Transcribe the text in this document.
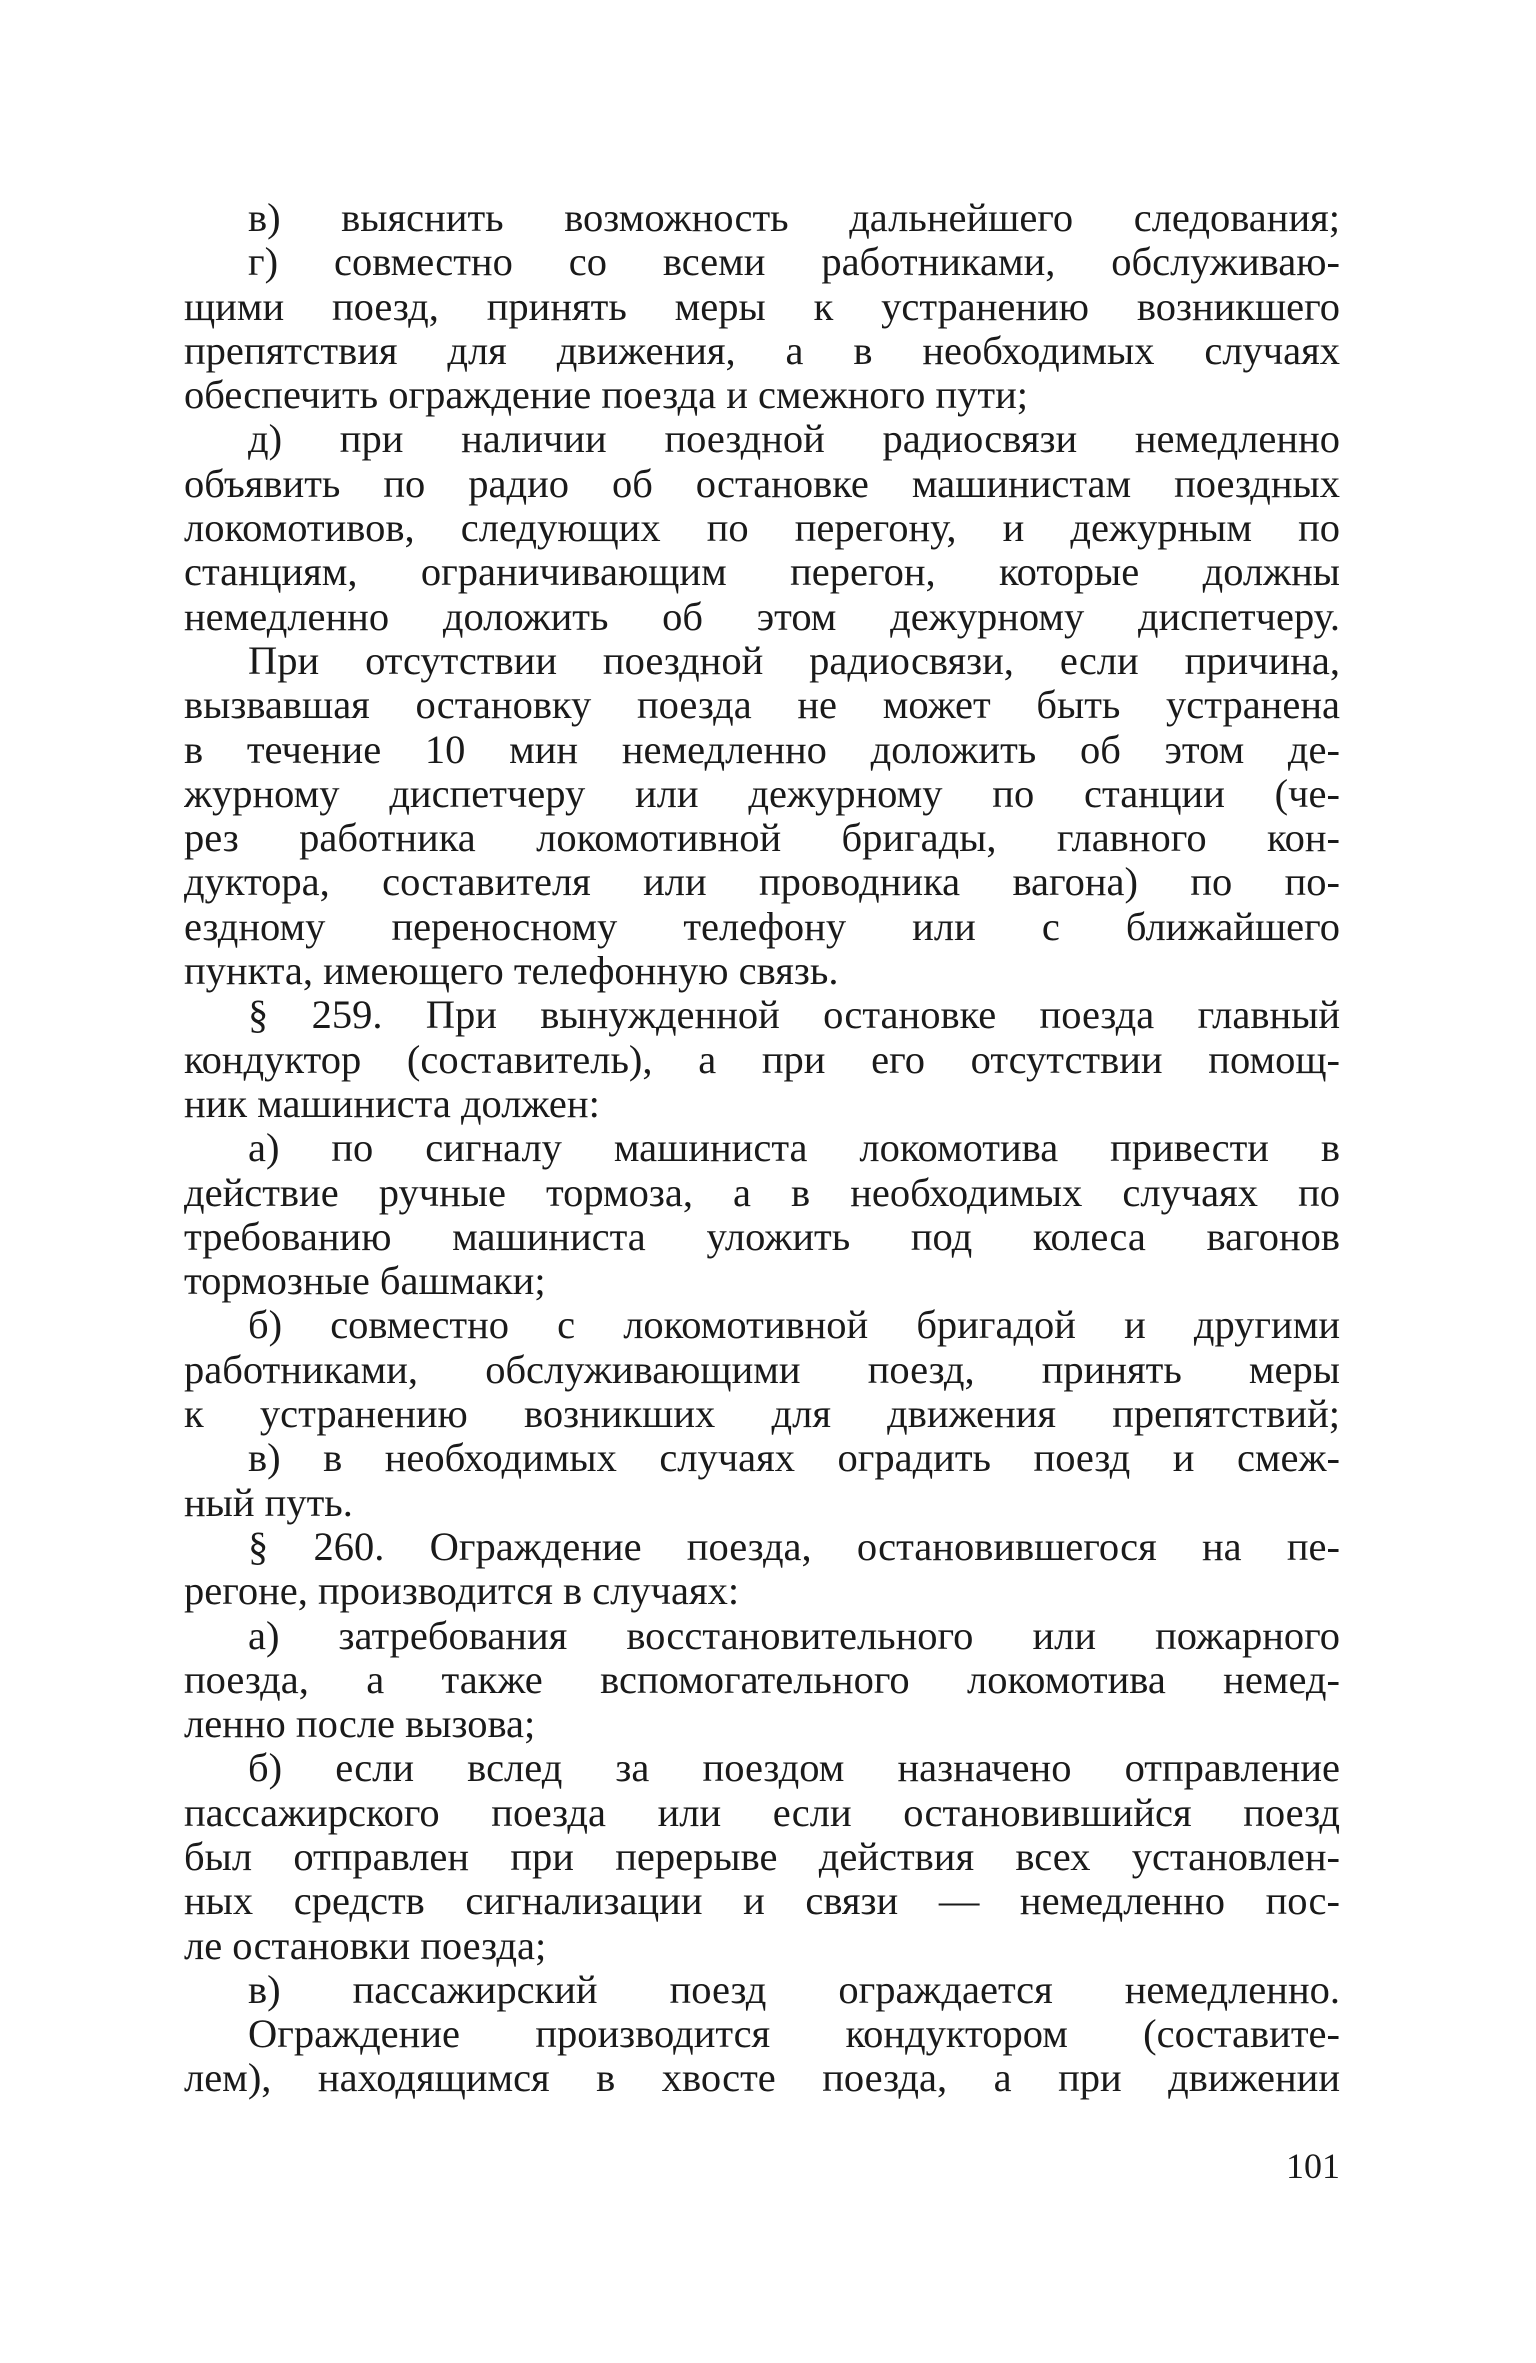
в) выяснить возможность дальнейшего следования;
г) совместно со всеми работниками, обслуживаю-
щими поезд, принять меры к устранению возникшего
препятствия для движения, а в необходимых случаях
обеспечить ограждение поезда и смежного пути;
д) при наличии поездной радиосвязи немедленно
объявить по радио об остановке машинистам поездных
локомотивов, следующих по перегону, и дежурным по
станциям, ограничивающим перегон, которые должны
немедленно доложить об этом дежурному диспетчеру.
При отсутствии поездной радиосвязи, если причина,
вызвавшая остановку поезда не может быть устранена
в течение 10 мин немедленно доложить об этом де-
журному диспетчеру или дежурному по станции (че-
рез работника локомотивной бригады, главного кон-
дуктора, составителя или проводника вагона) по по-
ездному переносному телефону или с ближайшего
пункта, имеющего телефонную связь.
§ 259. При вынужденной остановке поезда главный
кондуктор (составитель), а при его отсутствии помощ-
ник машиниста должен:
а) по сигналу машиниста локомотива привести в
действие ручные тормоза, а в необходимых случаях по
требованию машиниста уложить под колеса вагонов
тормозные башмаки;
б) совместно с локомотивной бригадой и другими
работниками, обслуживающими поезд, принять меры
к устранению возникших для движения препятствий;
в) в необходимых случаях оградить поезд и смеж-
ный путь.
§ 260. Ограждение поезда, остановившегося на пе-
регоне, производится в случаях:
а) затребования восстановительного или пожарного
поезда, а также вспомогательного локомотива немед-
ленно после вызова;
б) если вслед за поездом назначено отправление
пассажирского поезда или если остановившийся поезд
был отправлен при перерыве действия всех установлен-
ных средств сигнализации и связи — немедленно пос-
ле остановки поезда;
в) пассажирский поезд ограждается немедленно.
Ограждение производится кондуктором (составите-
лем), находящимся в хвосте поезда, а при движении
101
